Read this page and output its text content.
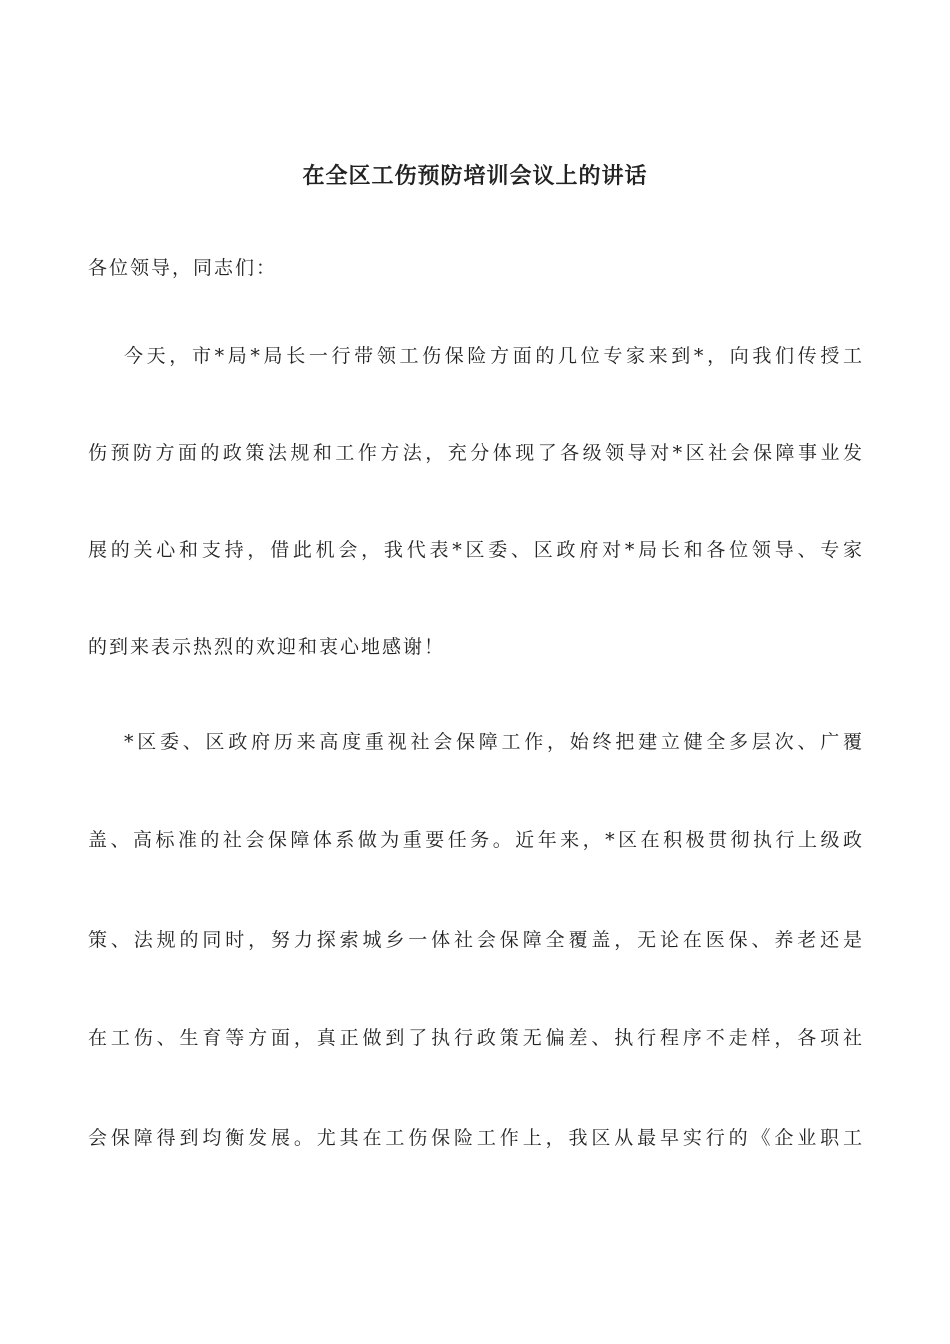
在全区工伤预防培训会议上的讲话

各位领导，同志们：

今天，市*局*局长一行带领工伤保险方面的几位专家来到*，向我们传授工

伤预防方面的政策法规和工作方法，充分体现了各级领导对*区社会保障事业发

展的关心和支持，借此机会，我代表*区委、区政府对*局长和各位领导、专家

的到来表示热烈的欢迎和衷心地感谢！

*区委、区政府历来高度重视社会保障工作，始终把建立健全多层次、广覆

盖、高标准的社会保障体系做为重要任务。近年来，*区在积极贯彻执行上级政

策、法规的同时，努力探索城乡一体社会保障全覆盖，无论在医保、养老还是

在工伤、生育等方面，真正做到了执行政策无偏差、执行程序不走样，各项社

会保障得到均衡发展。尤其在工伤保险工作上，我区从最早实行的《企业职工
